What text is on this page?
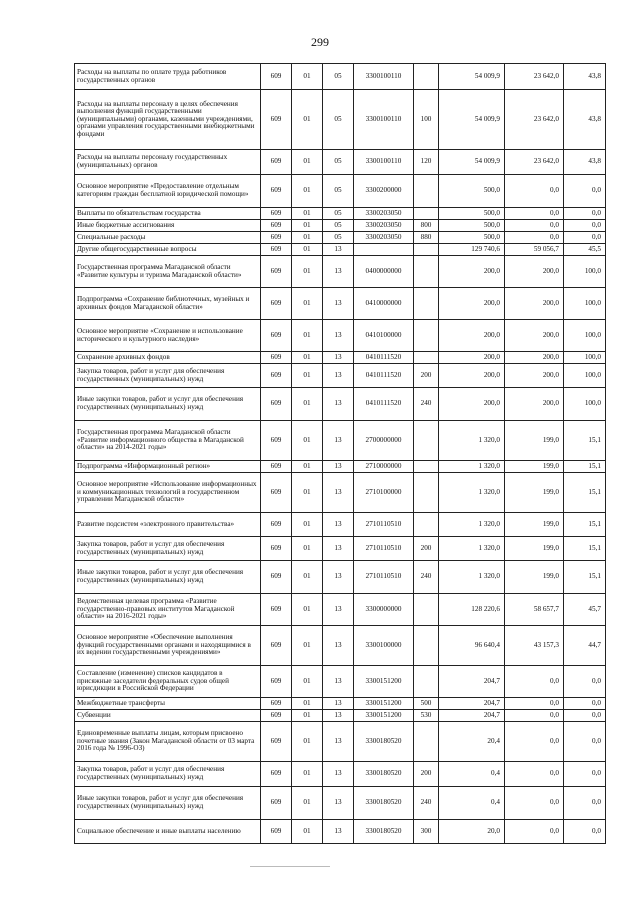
299
Расходы на выплаты по оплате труда работников государственных органов	609	01	05	3300100110		54 009,9	23 642,0	43,8
Расходы на выплаты персоналу в целях обеспечения выполнения функций государственными (муниципальными) органами, казенными учреждениями, органами управления государственными внебюджетными фондами	609	01	05	3300100110	100	54 009,9	23 642,0	43,8
Расходы на выплаты персоналу государственных (муниципальных) органов	609	01	05	3300100110	120	54 009,9	23 642,0	43,8
Основное мероприятие «Предоставление отдельным категориям граждан бесплатной юридической помощи»	609	01	05	3300200000		500,0	0,0	0,0
Выплаты по обязательствам государства	609	01	05	3300203050		500,0	0,0	0,0
Иные бюджетные ассигнования	609	01	05	3300203050	800	500,0	0,0	0,0
Специальные расходы	609	01	05	3300203050	880	500,0	0,0	0,0
Другие общегосударственные вопросы	609	01	13			129 740,6	59 056,7	45,5
Государственная программа Магаданской области «Развитие культуры и туризма Магаданской области»	609	01	13	0400000000		200,0	200,0	100,0
Подпрограмма «Сохранение библиотечных, музейных и архивных фондов Магаданской области»	609	01	13	0410000000		200,0	200,0	100,0
Основное мероприятие «Сохранение и использование исторического и культурного наследия»	609	01	13	0410100000		200,0	200,0	100,0
Сохранение архивных фондов	609	01	13	0410111520		200,0	200,0	100,0
Закупка товаров, работ и услуг для обеспечения государственных (муниципальных) нужд	609	01	13	0410111520	200	200,0	200,0	100,0
Иные закупки товаров, работ и услуг для обеспечения государственных (муниципальных) нужд	609	01	13	0410111520	240	200,0	200,0	100,0
Государственная программа Магаданской области «Развитие информационного общества в Магаданской области» на 2014-2021 годы»	609	01	13	2700000000		1 320,0	199,0	15,1
Подпрограмма «Информационный регион»	609	01	13	2710000000		1 320,0	199,0	15,1
Основное мероприятие «Использование информационных и коммуникационных технологий в государственном управлении Магаданской области»	609	01	13	2710100000		1 320,0	199,0	15,1
Развитие подсистем «электронного правительства»	609	01	13	2710110510		1 320,0	199,0	15,1
Закупка товаров, работ и услуг для обеспечения государственных (муниципальных) нужд	609	01	13	2710110510	200	1 320,0	199,0	15,1
Иные закупки товаров, работ и услуг для обеспечения государственных (муниципальных) нужд	609	01	13	2710110510	240	1 320,0	199,0	15,1
Ведомственная целевая программа «Развитие государственно-правовых институтов Магаданской области» на 2016-2021 годы»	609	01	13	3300000000		128 220,6	58 657,7	45,7
Основное мероприятие «Обеспечение выполнения функций государственными органами и находящимися в их ведении государственными учреждениями»	609	01	13	3300100000		96 640,4	43 157,3	44,7
Составление (изменение) списков кандидатов в присяжные заседатели федеральных судов общей юрисдикции в Российской Федерации	609	01	13	3300151200		204,7	0,0	0,0
Межбюджетные трансферты	609	01	13	3300151200	500	204,7	0,0	0,0
Субвенции	609	01	13	3300151200	530	204,7	0,0	0,0
Единовременные выплаты лицам, которым присвоено почетные звания (Закон Магаданской области от 03 марта 2016 года № 1996-ОЗ)	609	01	13	3300180520		20,4	0,0	0,0
Закупка товаров, работ и услуг для обеспечения государственных (муниципальных) нужд	609	01	13	3300180520	200	0,4	0,0	0,0
Иные закупки товаров, работ и услуг для обеспечения государственных (муниципальных) нужд	609	01	13	3300180520	240	0,4	0,0	0,0
Социальное обеспечение и иные выплаты населению	609	01	13	3300180520	300	20,0	0,0	0,0
